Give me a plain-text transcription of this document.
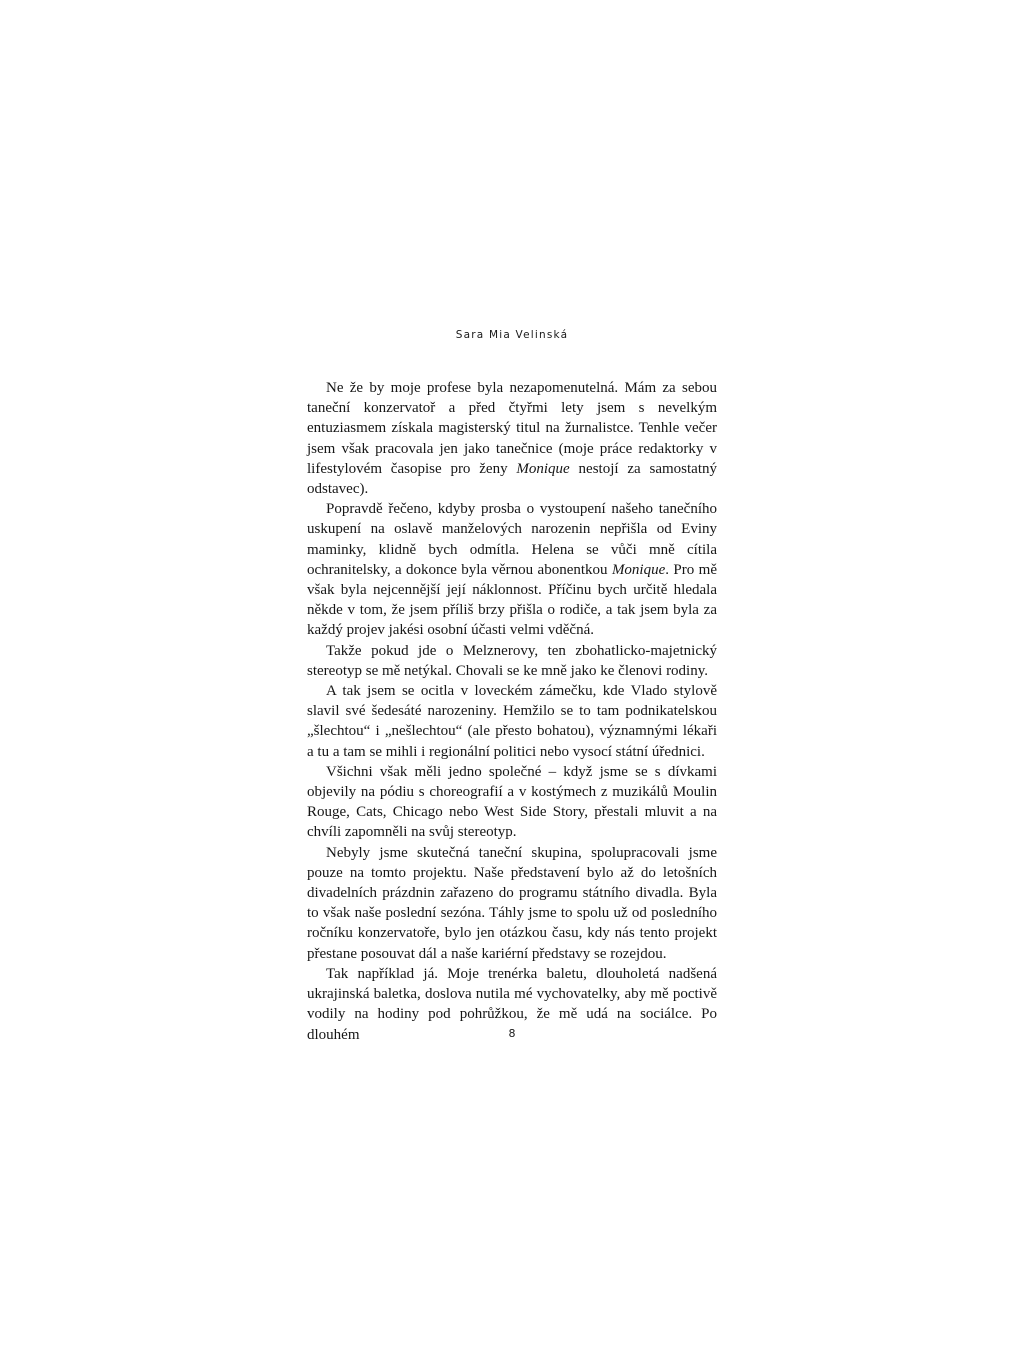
Sara Mia Velinská

Ne že by moje profese byla nezapomenutelná. Mám za sebou taneční konzervatoř a před čtyřmi lety jsem s nevelkým entuziasmem získala magisterský titul na žurnalistce. Tenhle večer jsem však pracovala jen jako tanečnice (moje práce redaktorky v lifestylovém časopise pro ženy Monique nestojí za samostatný odstavec).

Popravdě řečeno, kdyby prosba o vystoupení našeho tanečního uskupení na oslavě manželových narozenin nepřišla od Eviny maminky, klidně bych odmítla. Helena se vůči mně cítila ochranitelsky, a dokonce byla věrnou abonentkou Monique. Pro mě však byla nejcennější její náklonnost. Příčinu bych určitě hledala někde v tom, že jsem příliš brzy přišla o rodiče, a tak jsem byla za každý projev jakési osobní účasti velmi vděčná.

Takže pokud jde o Melznerovy, ten zbohatlicko-majetnický stereotyp se mě netýkal. Chovali se ke mně jako ke členovi rodiny.

A tak jsem se ocitla v loveckém zámečku, kde Vlado stylově slavil své šedesáté narozeniny. Hemžilo se to tam podnikatelskou „šlechtou“ i „nešlechtou“ (ale přesto bohatou), významnými lékaři a tu a tam se mihli i regionální politici nebo vysocí státní úřednici.

Všichni však měli jedno společné – když jsme se s dívkami objevily na pódiu s choreografií a v kostýmech z muzikálů Moulin Rouge, Cats, Chicago nebo West Side Story, přestali mluvit a na chvíli zapomněli na svůj stereotyp.

Nebyly jsme skutečná taneční skupina, spolupracovali jsme pouze na tomto projektu. Naše představení bylo až do letošních divadelních prázdnin zařazeno do programu státního divadla. Byla to však naše poslední sezóna. Táhly jsme to spolu už od posledního ročníku konzervatoře, bylo jen otázkou času, kdy nás tento projekt přestane posouvat dál a naše kariérní představy se rozejdou.

Tak například já. Moje trenérka baletu, dlouholetá nadšená ukrajinská baletka, doslova nutila mé vychovatelky, aby mě poctivě vodily na hodiny pod pohrůžkou, že mě udá na sociálce. Po dlouhém	8
